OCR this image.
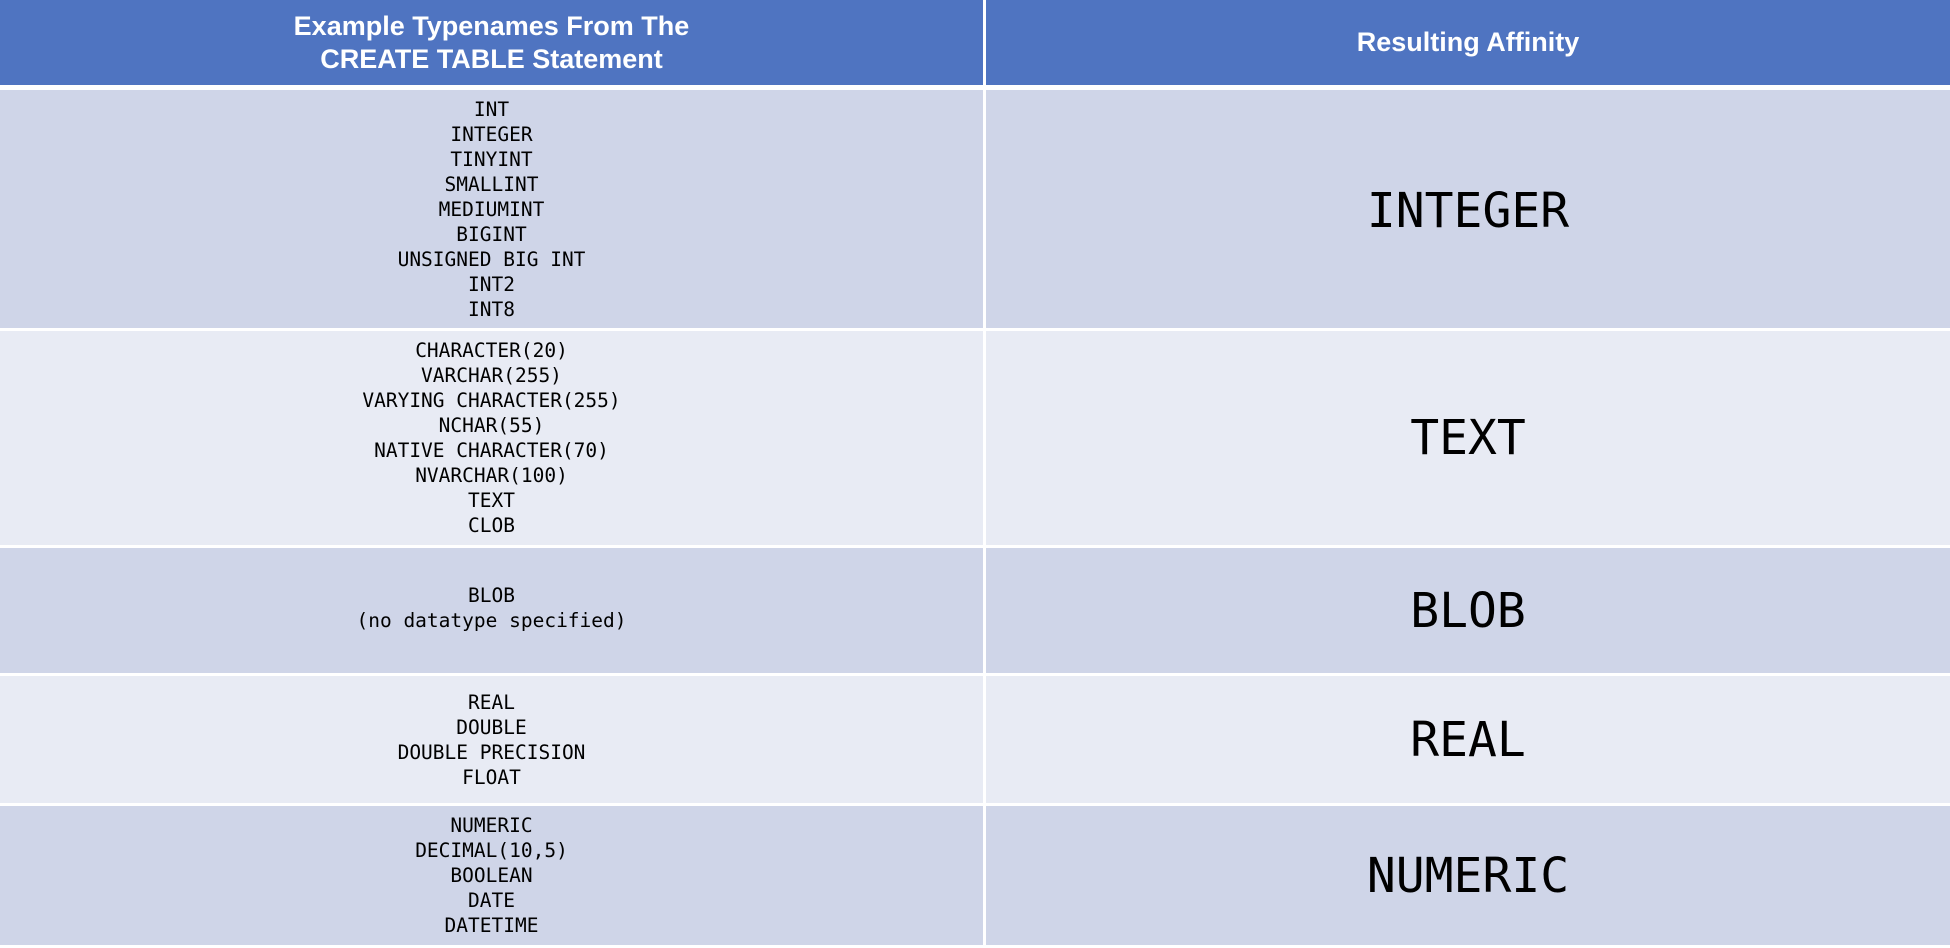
Example Typenames From The
CREATE TABLE Statement
Resulting Affinity
INT
INTEGER
TINYINT
SMALLINT
MEDIUMINT
BIGINT
UNSIGNED BIG INT
INT2
INT8
INTEGER
CHARACTER(20)
VARCHAR(255)
VARYING CHARACTER(255)
NCHAR(55)
NATIVE CHARACTER(70)
NVARCHAR(100)
TEXT
CLOB
TEXT
BLOB
(no datatype specified)	BLOB
REAL
DOUBLE
DOUBLE PRECISION
FLOAT
REAL
NUMERIC
DECIMAL(10,5)
BOOLEAN
DATE
DATETIME
NUMERIC
